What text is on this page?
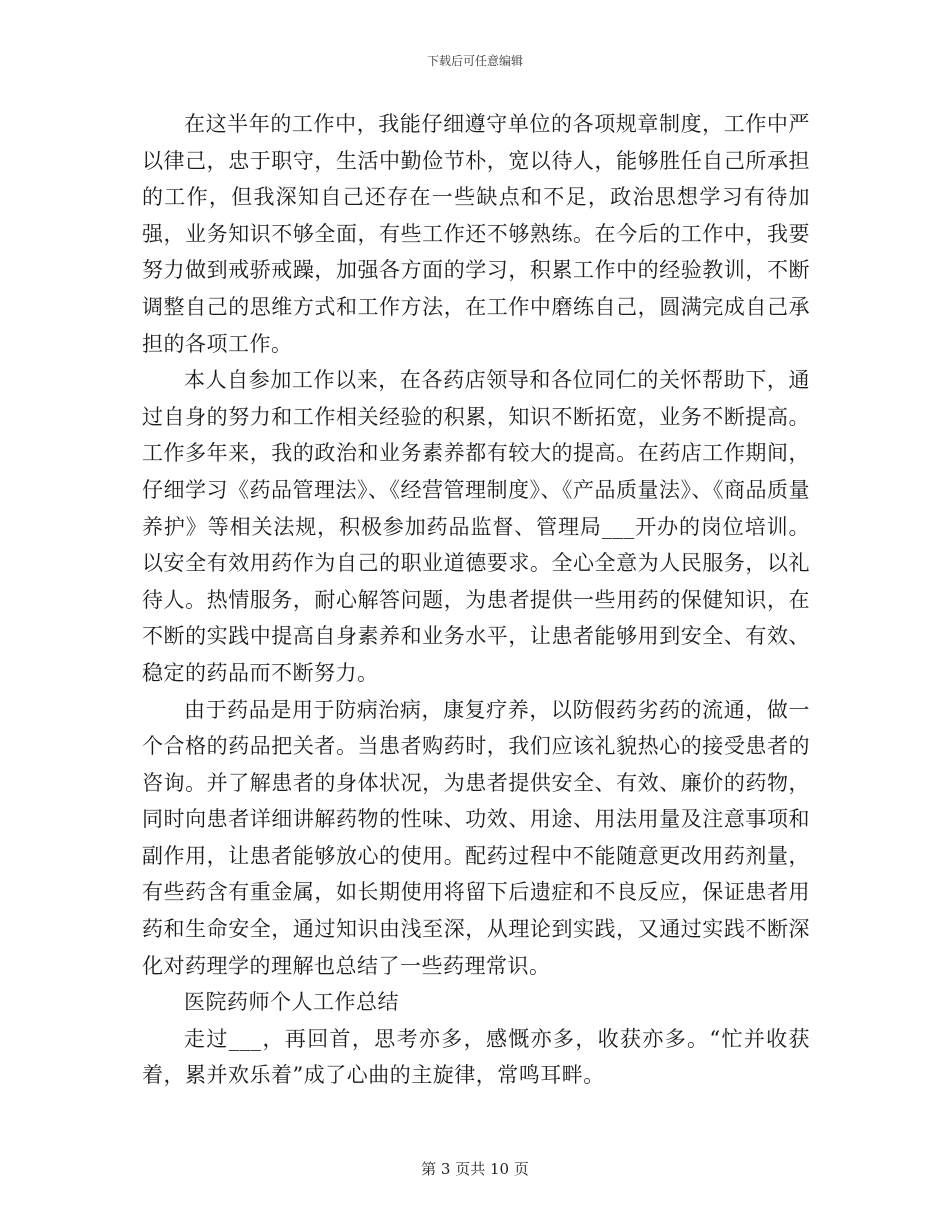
下载后可任意编辑

在这半年的工作中，我能仔细遵守单位的各项规章制度，工作中严以律己，忠于职守，生活中勤俭节朴，宽以待人，能够胜任自己所承担的工作，但我深知自己还存在一些缺点和不足，政治思想学习有待加强，业务知识不够全面，有些工作还不够熟练。在今后的工作中，我要努力做到戒骄戒躁，加强各方面的学习，积累工作中的经验教训，不断调整自己的思维方式和工作方法，在工作中磨练自己，圆满完成自己承担的各项工作。

本人自参加工作以来，在各药店领导和各位同仁的关怀帮助下，通过自身的努力和工作相关经验的积累，知识不断拓宽，业务不断提高。工作多年来，我的政治和业务素养都有较大的提高。在药店工作期间，仔细学习《药品管理法》、《经营管理制度》、《产品质量法》、《商品质量养护》等相关法规，积极参加药品监督、管理局___开办的岗位培训。以安全有效用药作为自己的职业道德要求。全心全意为人民服务，以礼待人。热情服务，耐心解答问题，为患者提供一些用药的保健知识，在不断的实践中提高自身素养和业务水平，让患者能够用到安全、有效、稳定的药品而不断努力。

由于药品是用于防病治病，康复疗养，以防假药劣药的流通，做一个合格的药品把关者。当患者购药时，我们应该礼貌热心的接受患者的咨询。并了解患者的身体状况，为患者提供安全、有效、廉价的药物，同时向患者详细讲解药物的性味、功效、用途、用法用量及注意事项和副作用，让患者能够放心的使用。配药过程中不能随意更改用药剂量，有些药含有重金属，如长期使用将留下后遗症和不良反应，保证患者用药和生命安全，通过知识由浅至深，从理论到实践，又通过实践不断深化对药理学的理解也总结了一些药理常识。

医院药师个人工作总结

走过___，再回首，思考亦多，感慨亦多，收获亦多。“忙并收获着，累并欢乐着”成了心曲的主旋律，常鸣耳畔。

第 3 页共 10 页
